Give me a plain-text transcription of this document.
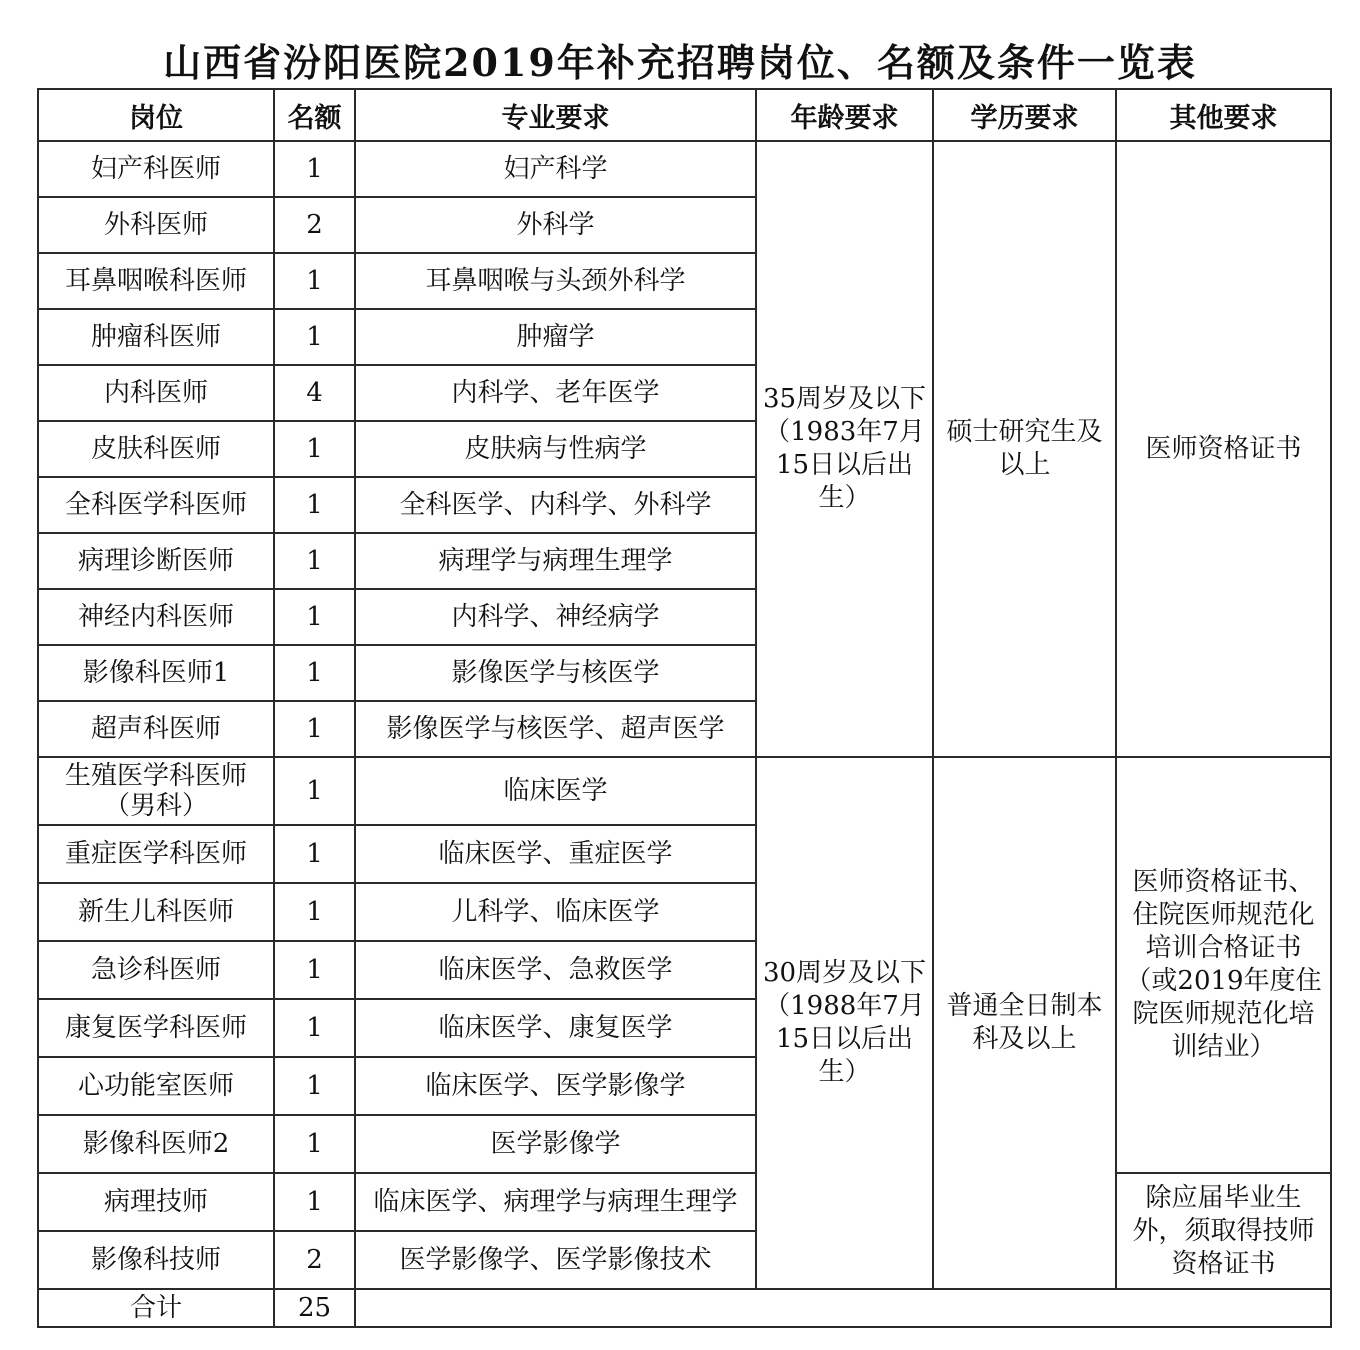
山西省汾阳医院2019年补充招聘岗位、名额及条件一览表
岗位	名额	专业要求	年龄要求	学历要求	其他要求
妇产科医师	1	妇产科学	35周岁及以下（1983年7月15日以后出生）	硕士研究生及以上	医师资格证书
外科医师	2	外科学			
耳鼻咽喉科医师	1	耳鼻咽喉与头颈外科学			
肿瘤科医师	1	肿瘤学			
内科医师	4	内科学、老年医学			
皮肤科医师	1	皮肤病与性病学			
全科医学科医师	1	全科医学、内科学、外科学			
病理诊断医师	1	病理学与病理生理学			
神经内科医师	1	内科学、神经病学			
影像科医师1	1	影像医学与核医学			
超声科医师	1	影像医学与核医学、超声医学			
生殖医学科医师（男科）	1	临床医学	30周岁及以下（1988年7月15日以后出生）	普通全日制本科及以上	医师资格证书、住院医师规范化培训合格证书（或2019年度住院医师规范化培训结业）
重症医学科医师	1	临床医学、重症医学			
新生儿科医师	1	儿科学、临床医学			
急诊科医师	1	临床医学、急救医学			
康复医学科医师	1	临床医学、康复医学			
心功能室医师	1	临床医学、医学影像学			
影像科医师2	1	医学影像学			
病理技师	1	临床医学、病理学与病理生理学			除应届毕业生外，须取得技师资格证书
影像科技师	2	医学影像学、医学影像技术			
合计	25				
